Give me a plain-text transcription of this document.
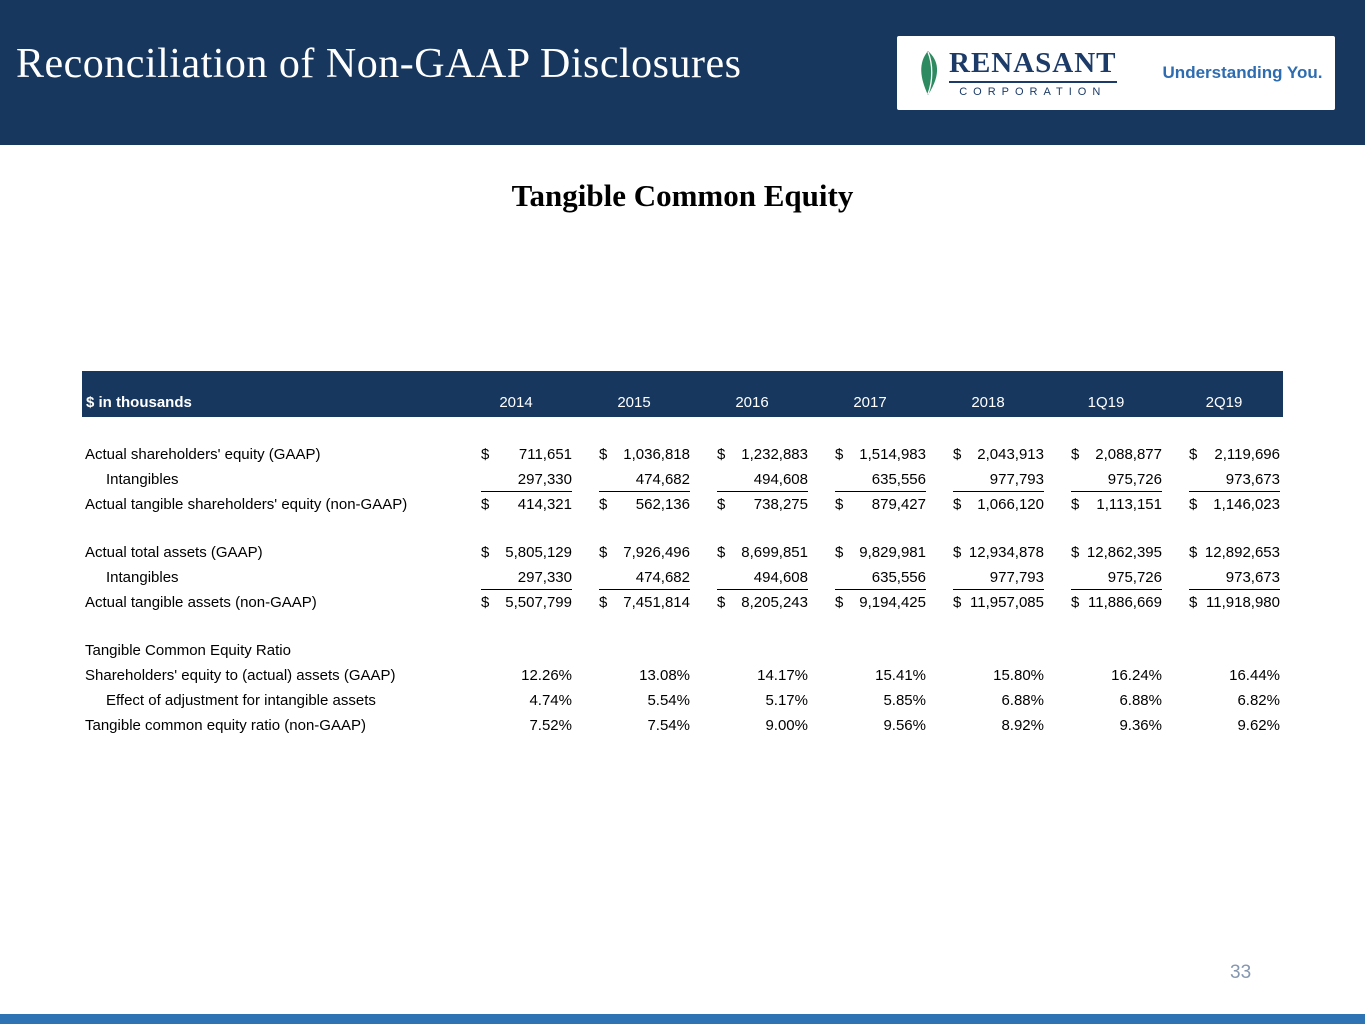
Reconciliation of Non-GAAP Disclosures	RENASANT
CORPORATION
Understanding You.
Tangible Common Equity
$ in thousands	2014	2015	2016	2017	2018	1Q19	2Q19
Actual shareholders' equity (GAAP)	$ 711,651 $ 1,036,818 $ 1,232,883 $ 1,514,983 $ 2,043,913 $ 2,088,877 $ 2,119,696
Intangibles	297,330	474,682	494,608	635,556	977,793	975,726	973,673
Actual tangible shareholders' equity (non-GAAP)	$ 414,321 $ 562,136 $ 738,275 $ 879,427 $ 1,066,120 $ 1,113,151 $ 1,146,023
Actual total assets (GAAP)	$ 5,805,129 $ 7,926,496 $ 8,699,851 $ 9,829,981 $ 12,934,878 $ 12,862,395 $ 12,892,653
Intangibles	297,330	474,682	494,608	635,556	977,793	975,726	973,673
Actual tangible assets (non-GAAP)	$ 5,507,799 $ 7,451,814 $ 8,205,243 $ 9,194,425 $ 11,957,085 $ 11,886,669 $ 11,918,980
Tangible Common Equity Ratio
Shareholders' equity to (actual) assets (GAAP)	12.26%	13.08%	14.17%	15.41%	15.80%	16.24%	16.44%
Effect of adjustment for intangible assets	4.74%	5.54%	5.17%	5.85%	6.88%	6.88%	6.82%
Tangible common equity ratio (non-GAAP)	7.52%	7.54%	9.00%	9.56%	8.92%	9.36%	9.62%
33
